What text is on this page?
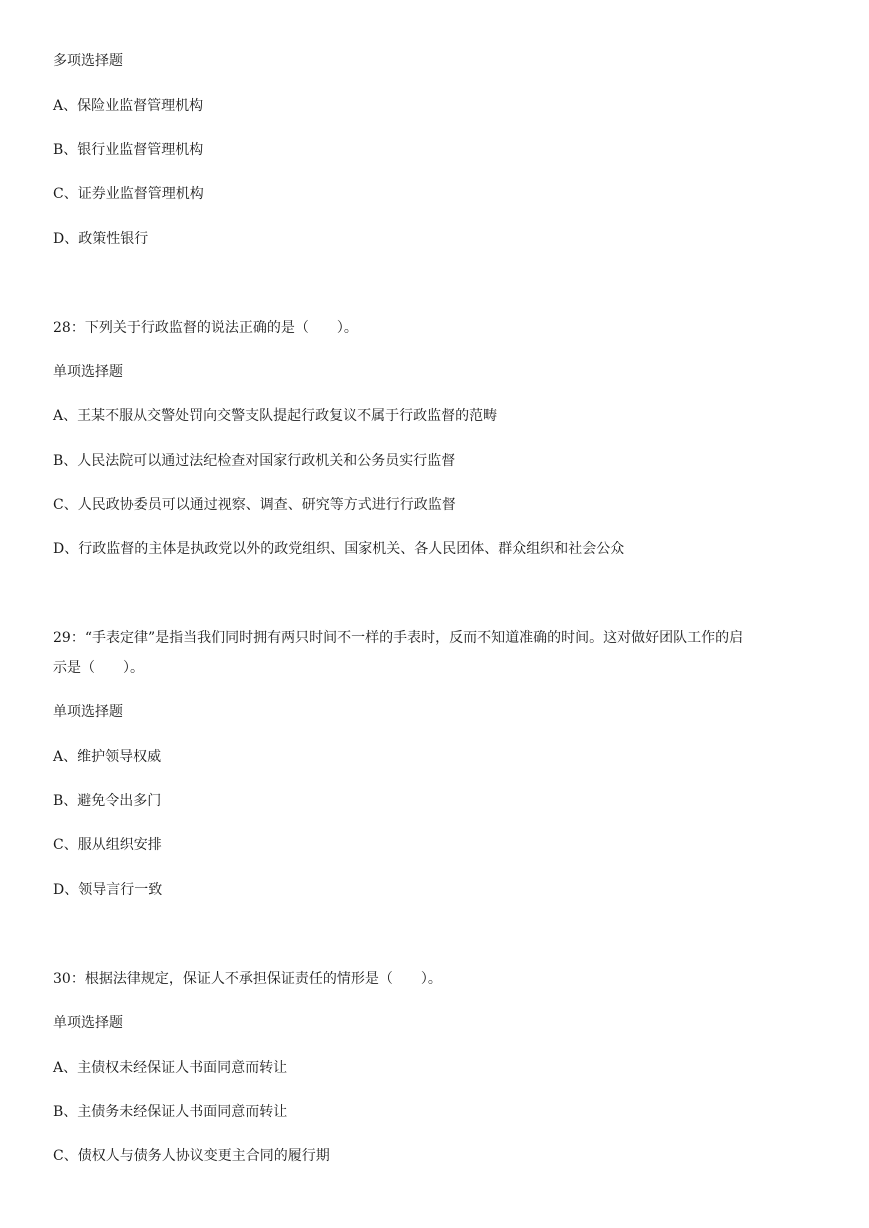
多项选择题
A、保险业监督管理机构
B、银行业监督管理机构
C、证券业监督管理机构
D、政策性银行
28：下列关于行政监督的说法正确的是（　　）。
单项选择题
A、王某不服从交警处罚向交警支队提起行政复议不属于行政监督的范畴
B、人民法院可以通过法纪检查对国家行政机关和公务员实行监督
C、人民政协委员可以通过视察、调查、研究等方式进行行政监督
D、行政监督的主体是执政党以外的政党组织、国家机关、各人民团体、群众组织和社会公众
29：“手表定律”是指当我们同时拥有两只时间不一样的手表时，反而不知道准确的时间。这对做好团队工作的启
示是（　　）。
单项选择题
A、维护领导权威
B、避免令出多门
C、服从组织安排
D、领导言行一致
30：根据法律规定，保证人不承担保证责任的情形是（　　）。
单项选择题
A、主债权未经保证人书面同意而转让
B、主债务未经保证人书面同意而转让
C、债权人与债务人协议变更主合同的履行期
